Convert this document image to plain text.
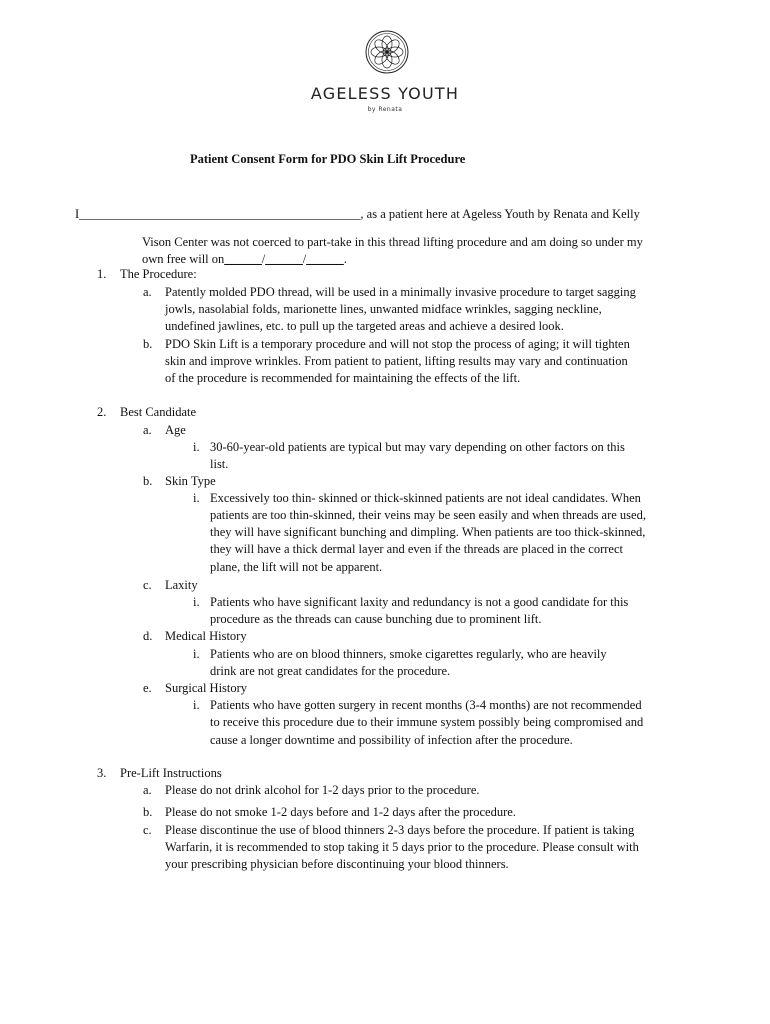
AGELESS YOUTH
by Renata
Patient Consent Form for PDO Skin Lift Procedure
I_____________________________________________, as a patient here at Ageless Youth by Renata and Kelly
Vison Center was not coerced to part-take in this thread lifting procedure and am doing so under my
own free will on______/______/______.
1. The Procedure:
a. Patently molded PDO thread, will be used in a minimally invasive procedure to target sagging
jowls, nasolabial folds, marionette lines, unwanted midface wrinkles, sagging neckline,
undefined jawlines, etc. to pull up the targeted areas and achieve a desired look.
b. PDO Skin Lift is a temporary procedure and will not stop the process of aging; it will tighten
skin and improve wrinkles. From patient to patient, lifting results may vary and continuation
of the procedure is recommended for maintaining the effects of the lift.
2. Best Candidate
a. Age
i. 30-60-year-old patients are typical but may vary depending on other factors on this
list.
b. Skin Type
i. Excessively too thin- skinned or thick-skinned patients are not ideal candidates. When
patients are too thin-skinned, their veins may be seen easily and when threads are used,
they will have significant bunching and dimpling. When patients are too thick-skinned,
they will have a thick dermal layer and even if the threads are placed in the correct
plane, the lift will not be apparent.
c. Laxity
i. Patients who have significant laxity and redundancy is not a good candidate for this
procedure as the threads can cause bunching due to prominent lift.
d. Medical History
i. Patients who are on blood thinners, smoke cigarettes regularly, who are heavily
drink are not great candidates for the procedure.
e. Surgical History
i. Patients who have gotten surgery in recent months (3-4 months) are not recommended
to receive this procedure due to their immune system possibly being compromised and
cause a longer downtime and possibility of infection after the procedure.
3. Pre-Lift Instructions
a. Please do not drink alcohol for 1-2 days prior to the procedure.
b. Please do not smoke 1-2 days before and 1-2 days after the procedure.
c. Please discontinue the use of blood thinners 2-3 days before the procedure. If patient is taking
Warfarin, it is recommended to stop taking it 5 days prior to the procedure. Please consult with
your prescribing physician before discontinuing your blood thinners.
